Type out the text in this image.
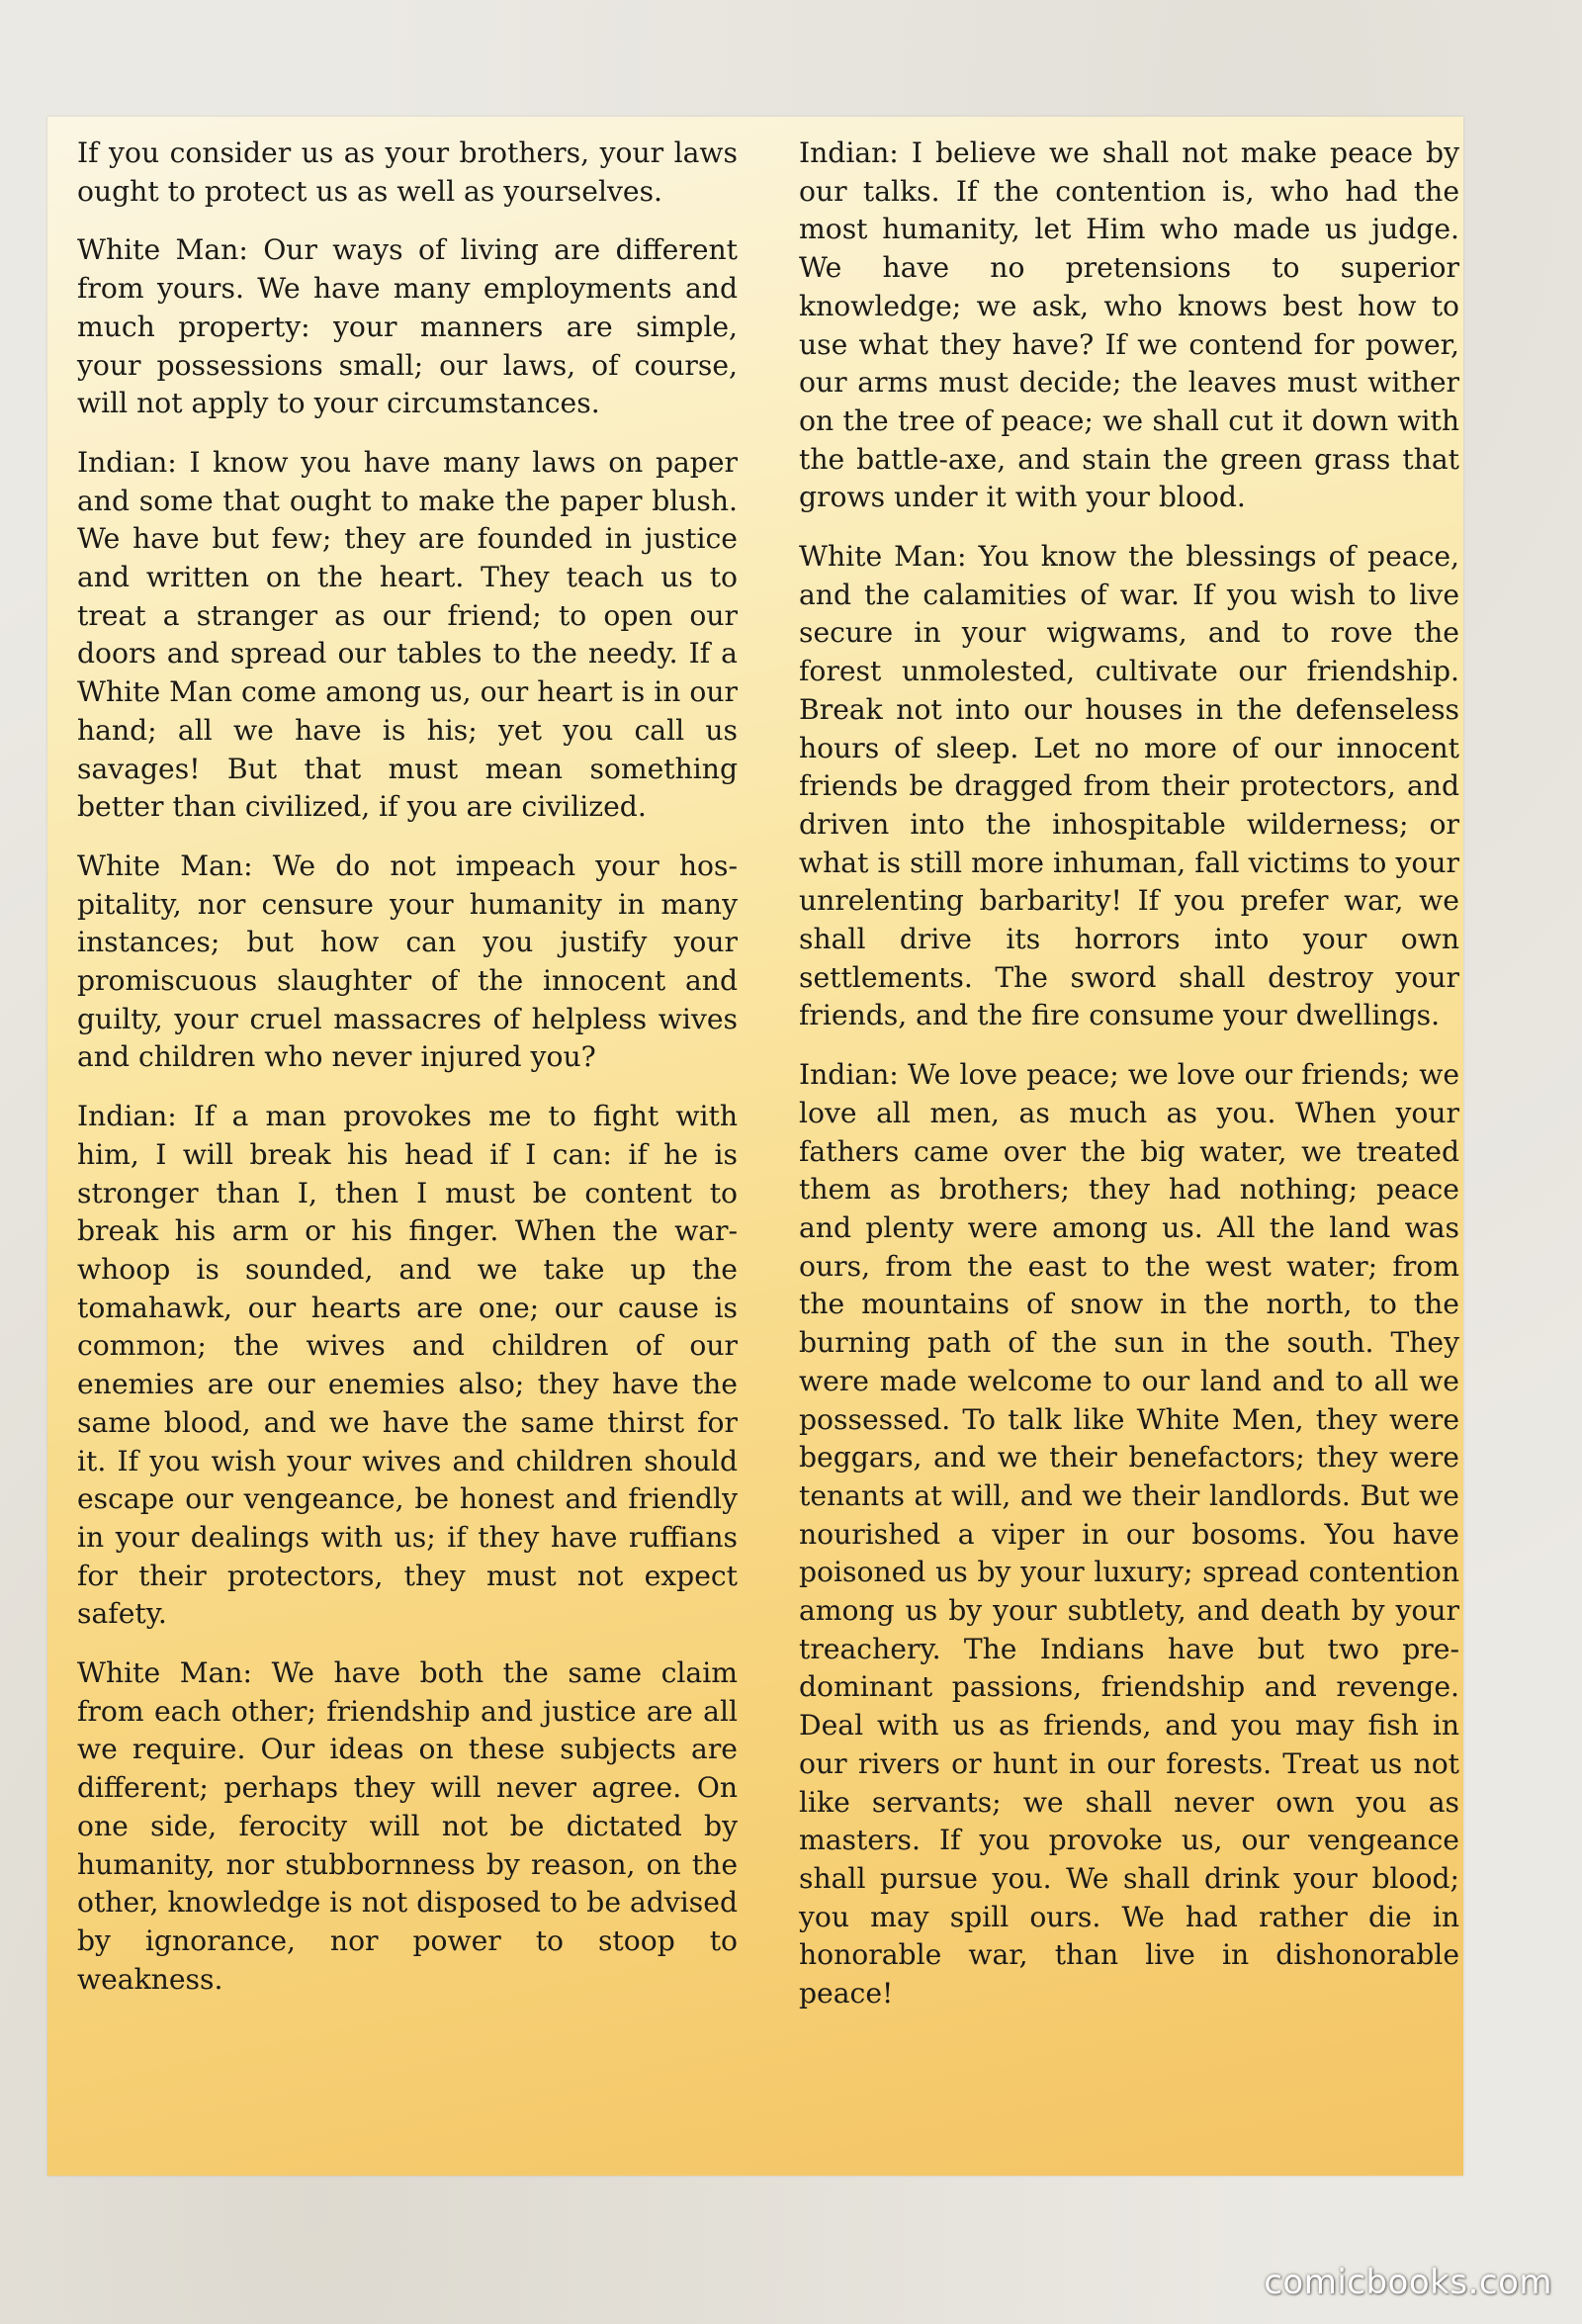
If you consider us as your brothers, your laws ought to protect us as well as yourselves.

White Man: Our ways of living are different from yours. We have many employments and much property: your manners are simple, your possessions small; our laws, of course, will not apply to your circumstances.

Indian: I know you have many laws on paper and some that ought to make the paper blush. We have but few; they are founded in justice and written on the heart. They teach us to treat a stranger as our friend; to open our doors and spread our tables to the needy. If a White Man come among us, our heart is in our hand; all we have is his; yet you call us savages! But that must mean something better than civilized, if you are civilized.

White Man: We do not impeach your hospitality, nor censure your humanity in many instances; but how can you justify your promiscuous slaughter of the innocent and guilty, your cruel massacres of helpless wives and children who never injured you?

Indian: If a man provokes me to fight with him, I will break his head if I can: if he is stronger than I, then I must be content to break his arm or his finger. When the war-whoop is sounded, and we take up the tomahawk, our hearts are one; our cause is common; the wives and children of our enemies are our enemies also; they have the same blood, and we have the same thirst for it. If you wish your wives and children should escape our vengeance, be honest and friendly in your dealings with us; if they have ruffians for their protectors, they must not expect safety.

White Man: We have both the same claim from each other; friendship and justice are all we require. Our ideas on these subjects are different; perhaps they will never agree. On one side, ferocity will not be dictated by humanity, nor stubbornness by reason, on the other, knowledge is not disposed to be advised by ignorance, nor power to stoop to weakness.

Indian: I believe we shall not make peace by our talks. If the contention is, who had the most humanity, let Him who made us judge. We have no pretensions to superior knowledge; we ask, who knows best how to use what they have? If we contend for power, our arms must decide; the leaves must wither on the tree of peace; we shall cut it down with the battle-axe, and stain the green grass that grows under it with your blood.

White Man: You know the blessings of peace, and the calamities of war. If you wish to live secure in your wigwams, and to rove the forest unmolested, cultivate our friendship. Break not into our houses in the defenseless hours of sleep. Let no more of our innocent friends be dragged from their protectors, and driven into the inhospitable wilderness; or what is still more inhuman, fall victims to your unrelenting barbarity! If you prefer war, we shall drive its horrors into your own settlements. The sword shall destroy your friends, and the fire consume your dwellings.

Indian: We love peace; we love our friends; we love all men, as much as you. When your fathers came over the big water, we treated them as brothers; they had nothing; peace and plenty were among us. All the land was ours, from the east to the west water; from the mountains of snow in the north, to the burning path of the sun in the south. They were made welcome to our land and to all we possessed. To talk like White Men, they were beggars, and we their benefactors; they were tenants at will, and we their landlords. But we nourished a viper in our bosoms. You have poisoned us by your luxury; spread contention among us by your subtlety, and death by your treachery. The Indians have but two predominant passions, friendship and revenge. Deal with us as friends, and you may fish in our rivers or hunt in our forests. Treat us not like servants; we shall never own you as masters. If you provoke us, our vengeance shall pursue you. We shall drink your blood; you may spill ours. We had rather die in honorable war, than live in dishonorable peace!

comicbooks.com
